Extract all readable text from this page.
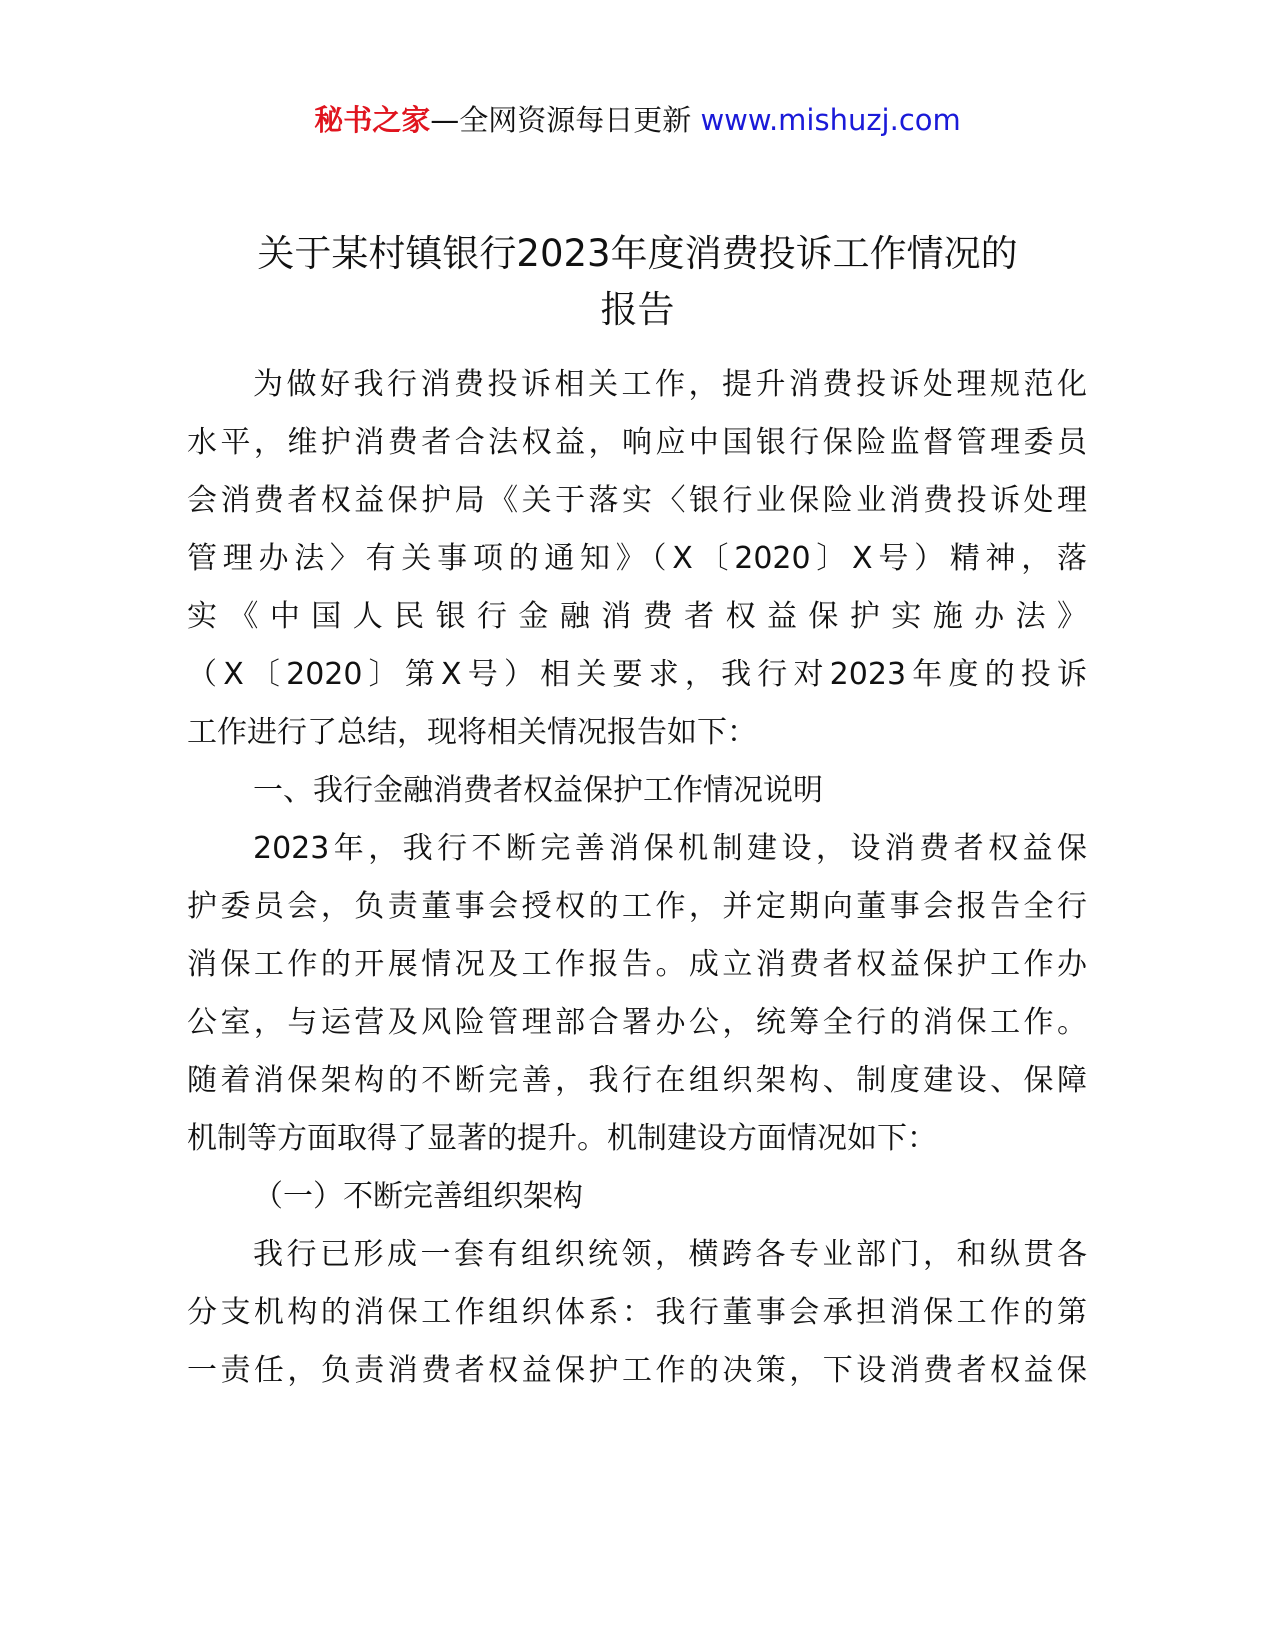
秘书之家—全网资源每日更新 www.mishuzj.com
关于某村镇银行2023年度消费投诉工作情况的
报告
为做好我行消费投诉相关工作，提升消费投诉处理规范化
水平，维护消费者合法权益，响应中国银行保险监督管理委员
会消费者权益保护局《关于落实〈银行业保险业消费投诉处理
管理办法〉有关事项的通知》（X〔2020〕X号）精神，落
实《中国人民银行金融消费者权益保护实施办法》
（X〔2020〕第X号）相关要求，我行对2023年度的投诉
工作进行了总结，现将相关情况报告如下：
一、我行金融消费者权益保护工作情况说明
2023年，我行不断完善消保机制建设，设消费者权益保
护委员会，负责董事会授权的工作，并定期向董事会报告全行
消保工作的开展情况及工作报告。成立消费者权益保护工作办
公室，与运营及风险管理部合署办公，统筹全行的消保工作。
随着消保架构的不断完善，我行在组织架构、制度建设、保障
机制等方面取得了显著的提升。机制建设方面情况如下：
（一）不断完善组织架构
我行已形成一套有组织统领，横跨各专业部门，和纵贯各
分支机构的消保工作组织体系：我行董事会承担消保工作的第
一责任，负责消费者权益保护工作的决策，下设消费者权益保
